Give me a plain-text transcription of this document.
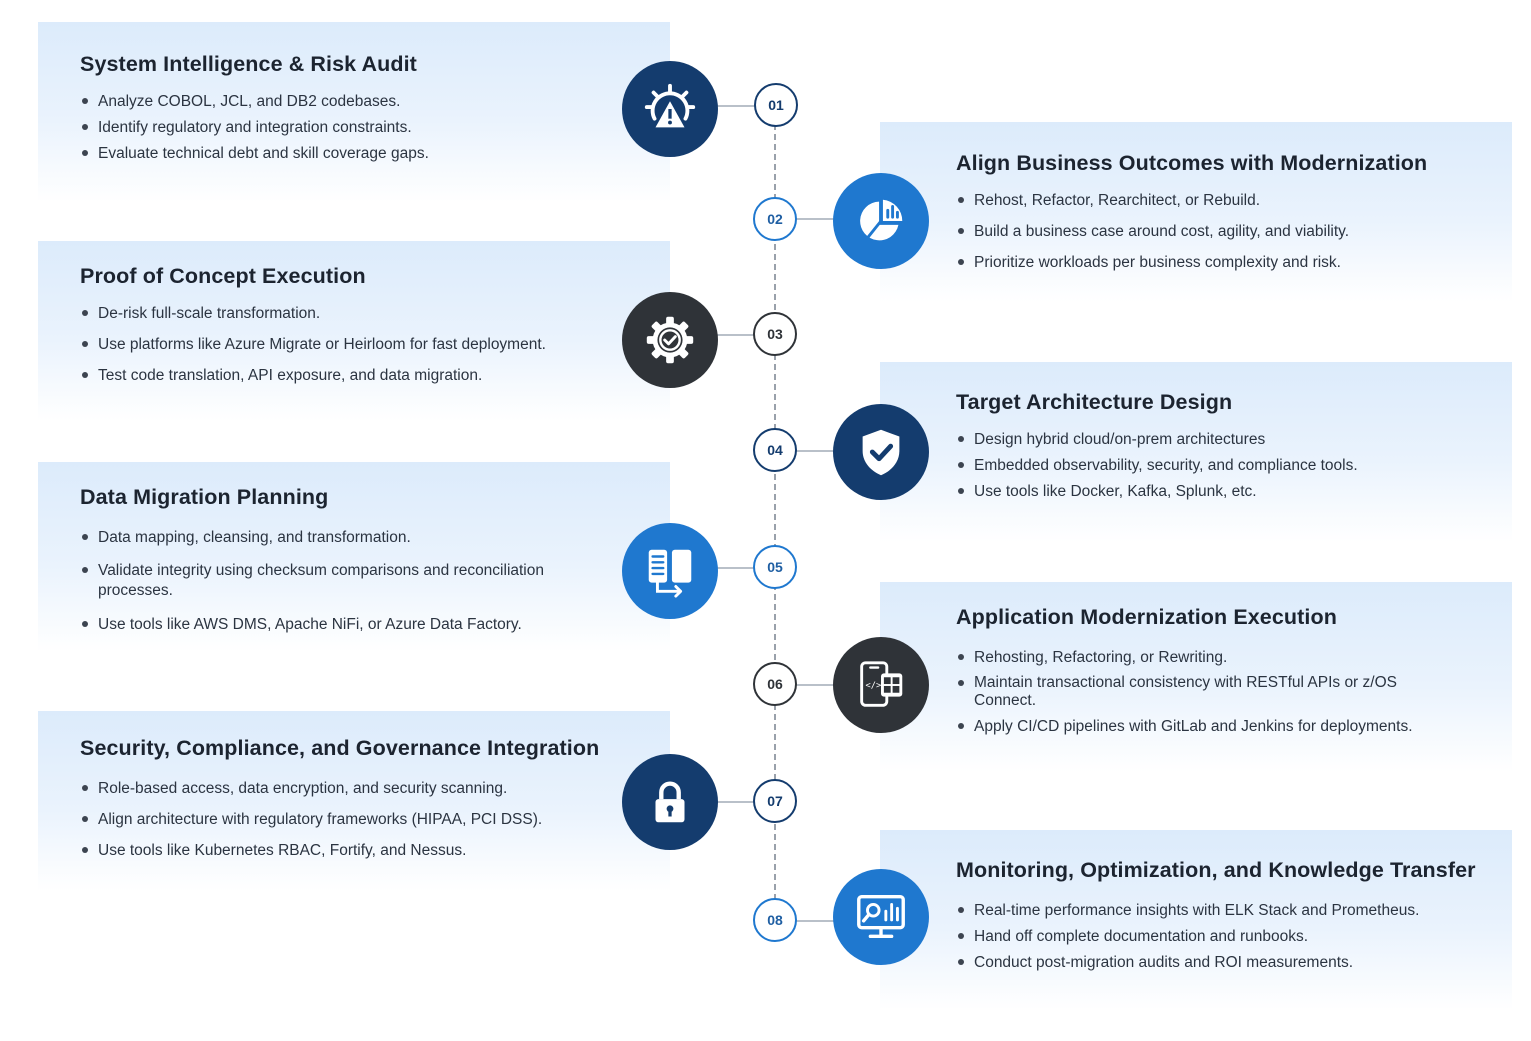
System Intelligence & Risk Audit
Analyze COBOL, JCL, and DB2 codebases.
Identify regulatory and integration constraints.
Evaluate technical debt and skill coverage gaps.
01
Align Business Outcomes with Modernization
Rehost, Refactor, Rearchitect, or Rebuild.
Build a business case around cost, agility, and viability.
Prioritize workloads per business complexity and risk.
02
Proof of Concept Execution
De-risk full-scale transformation.
Use platforms like Azure Migrate or Heirloom for fast deployment.
Test code translation, API exposure, and data migration.
03
Target Architecture Design
Design hybrid cloud/on-prem architectures
Embedded observability, security, and compliance tools.
Use tools like Docker, Kafka, Splunk, etc.
04
Data Migration Planning
Data mapping, cleansing, and transformation.
Validate integrity using checksum comparisons and reconciliation processes.
Use tools like AWS DMS, Apache NiFi, or Azure Data Factory.
05
Application Modernization Execution
Rehosting, Refactoring, or Rewriting.
Maintain transactional consistency with RESTful APIs or z/OS Connect.
Apply CI/CD pipelines with GitLab and Jenkins for deployments.
</>
06
Security, Compliance, and Governance Integration
Role-based access, data encryption, and security scanning.
Align architecture with regulatory frameworks (HIPAA, PCI DSS).
Use tools like Kubernetes RBAC, Fortify, and Nessus.
07
Monitoring, Optimization, and Knowledge Transfer
Real-time performance insights with ELK Stack and Prometheus.
Hand off complete documentation and runbooks.
Conduct post-migration audits and ROI measurements.
08
